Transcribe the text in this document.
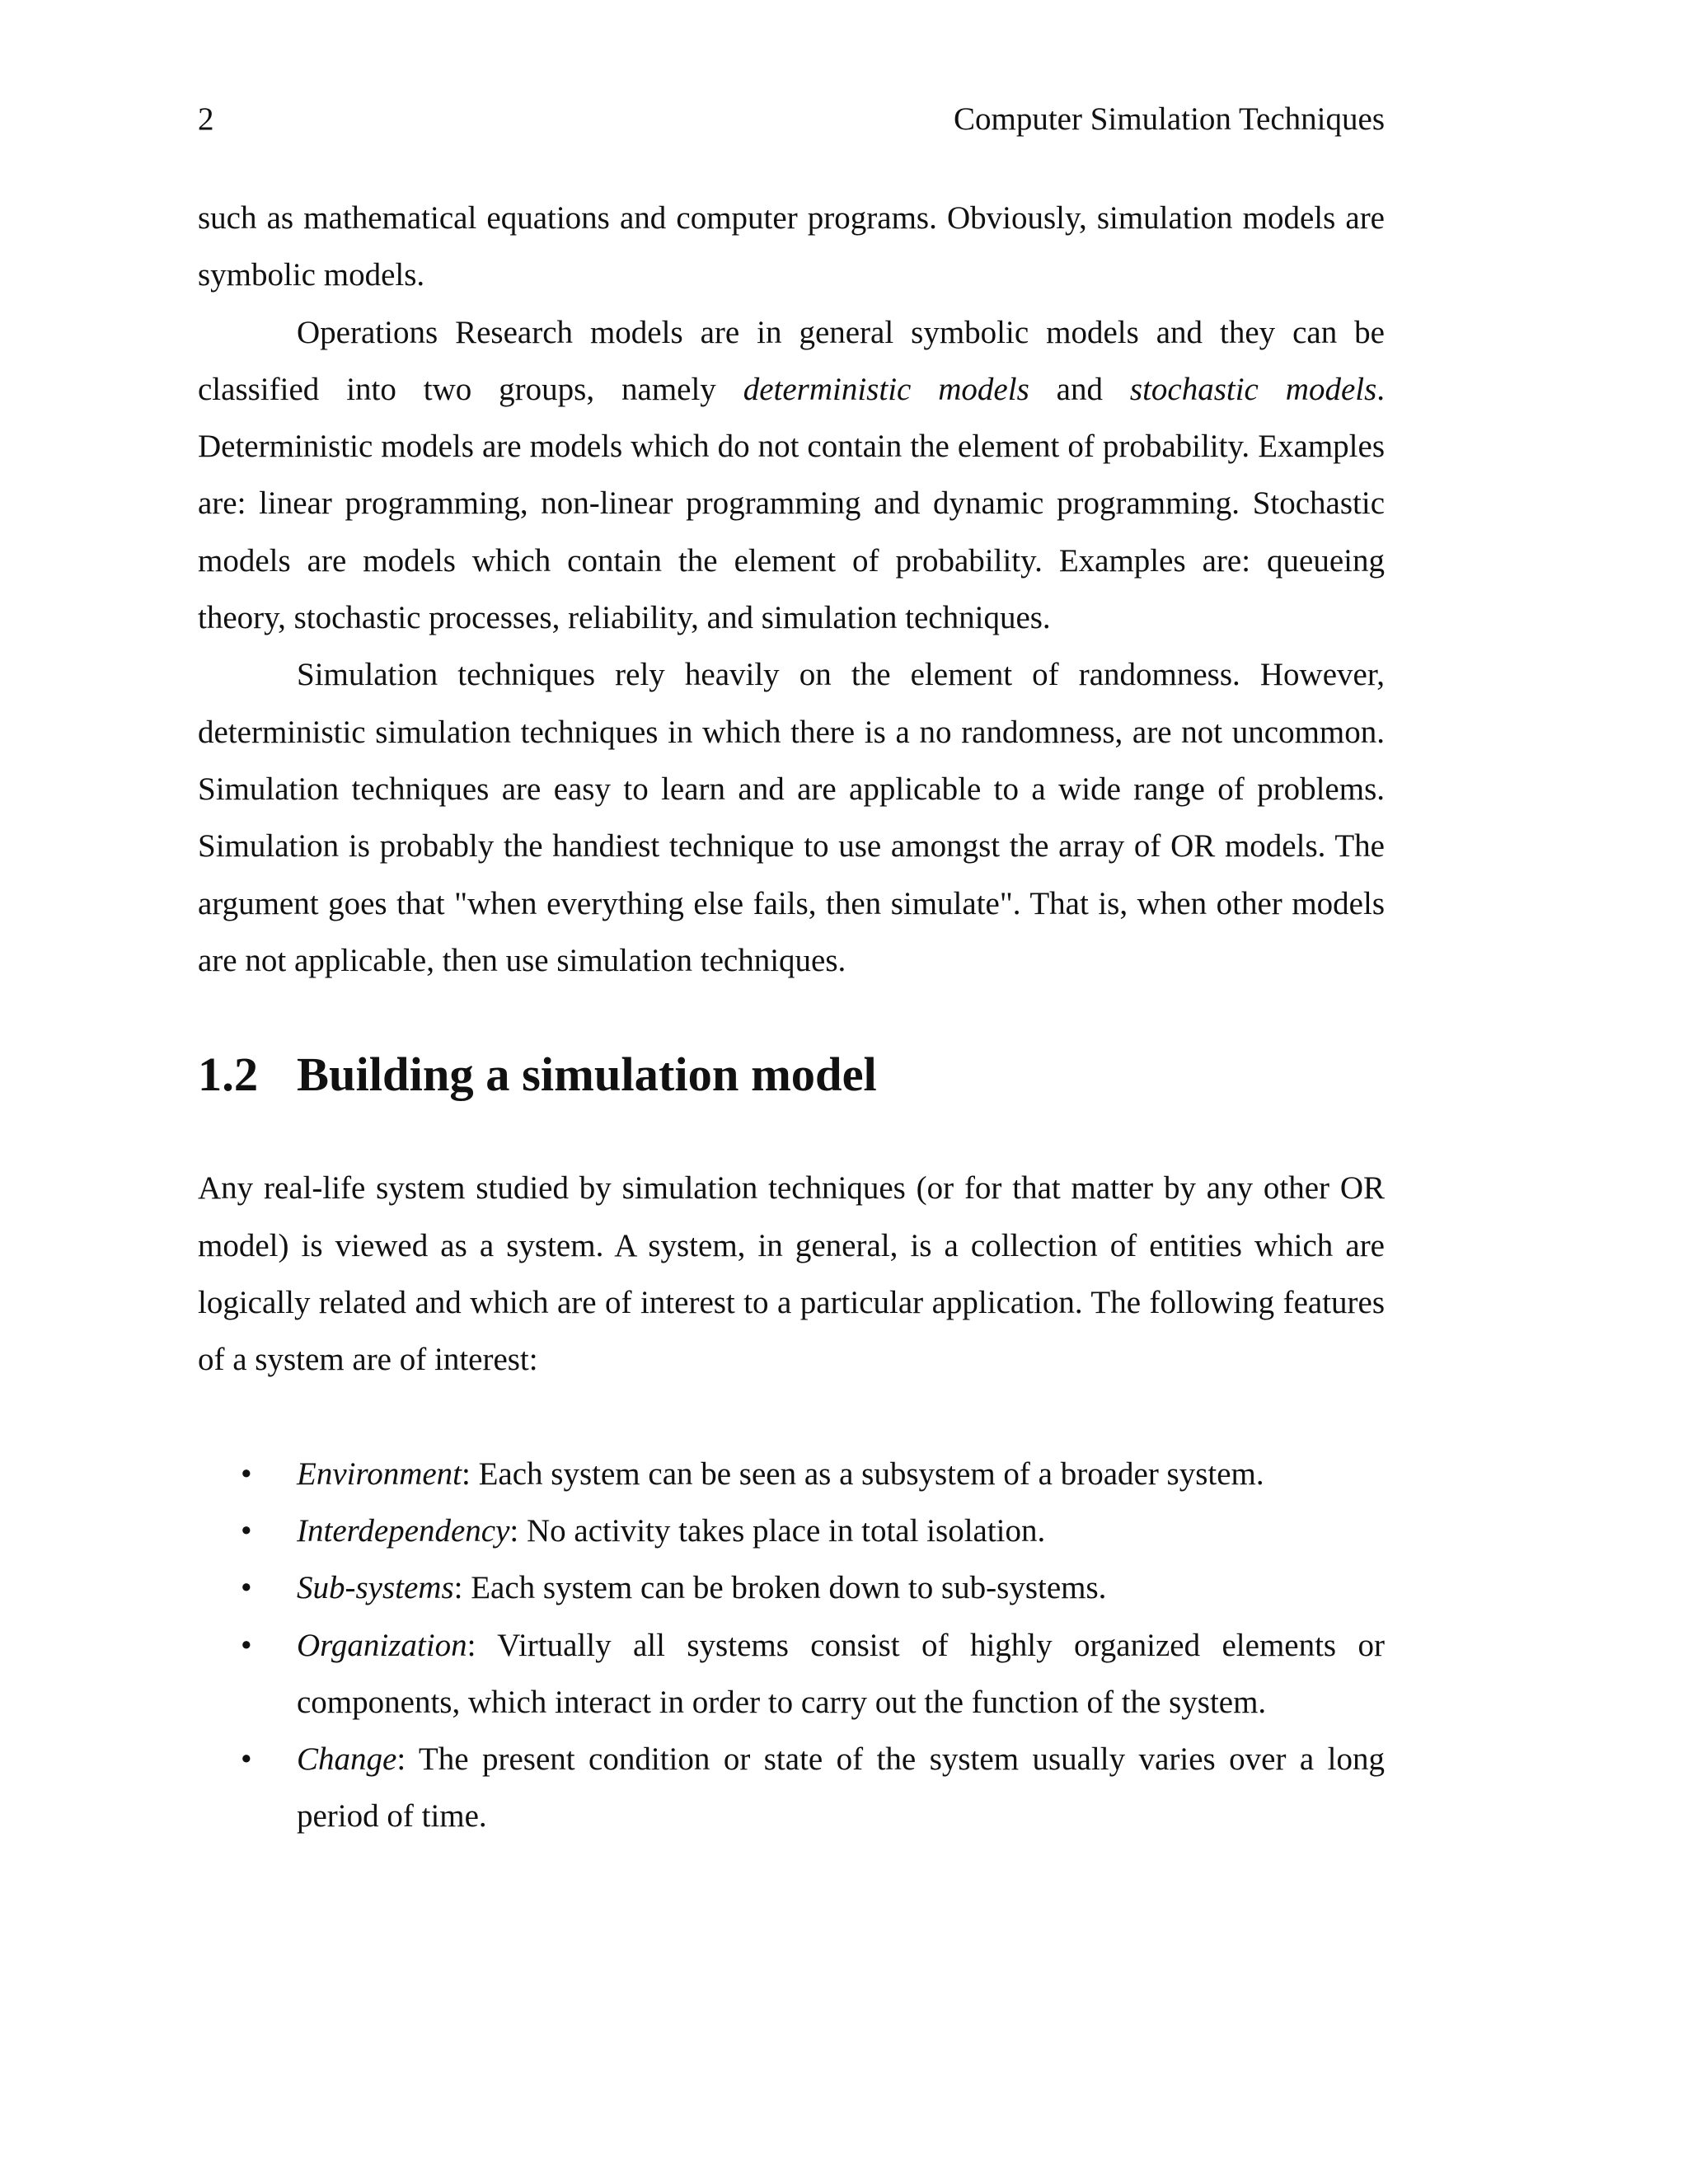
2	Computer Simulation Techniques

such as mathematical equations and computer programs. Obviously, simulation models are symbolic models.

Operations Research models are in general symbolic models and they can be classified into two groups, namely deterministic models and stochastic models. Deterministic models are models which do not contain the element of probability. Examples are: linear programming, non-linear programming and dynamic programming. Stochastic models are models which contain the element of probability. Examples are: queueing theory, stochastic processes, reliability, and simulation techniques.

Simulation techniques rely heavily on the element of randomness. However, deterministic simulation techniques in which there is a no randomness, are not uncommon. Simulation techniques are easy to learn and are applicable to a wide range of problems. Simulation is probably the handiest technique to use amongst the array of OR models. The argument goes that "when everything else fails, then simulate". That is, when other models are not applicable, then use simulation techniques.

1.2 Building a simulation model

Any real-life system studied by simulation techniques (or for that matter by any other OR model) is viewed as a system. A system, in general, is a collection of entities which are logically related and which are of interest to a particular application. The following features of a system are of interest:

• Environment: Each system can be seen as a subsystem of a broader system.
• Interdependency: No activity takes place in total isolation.
• Sub-systems: Each system can be broken down to sub-systems.
• Organization: Virtually all systems consist of highly organized elements or components, which interact in order to carry out the function of the system.
• Change: The present condition or state of the system usually varies over a long period of time.
